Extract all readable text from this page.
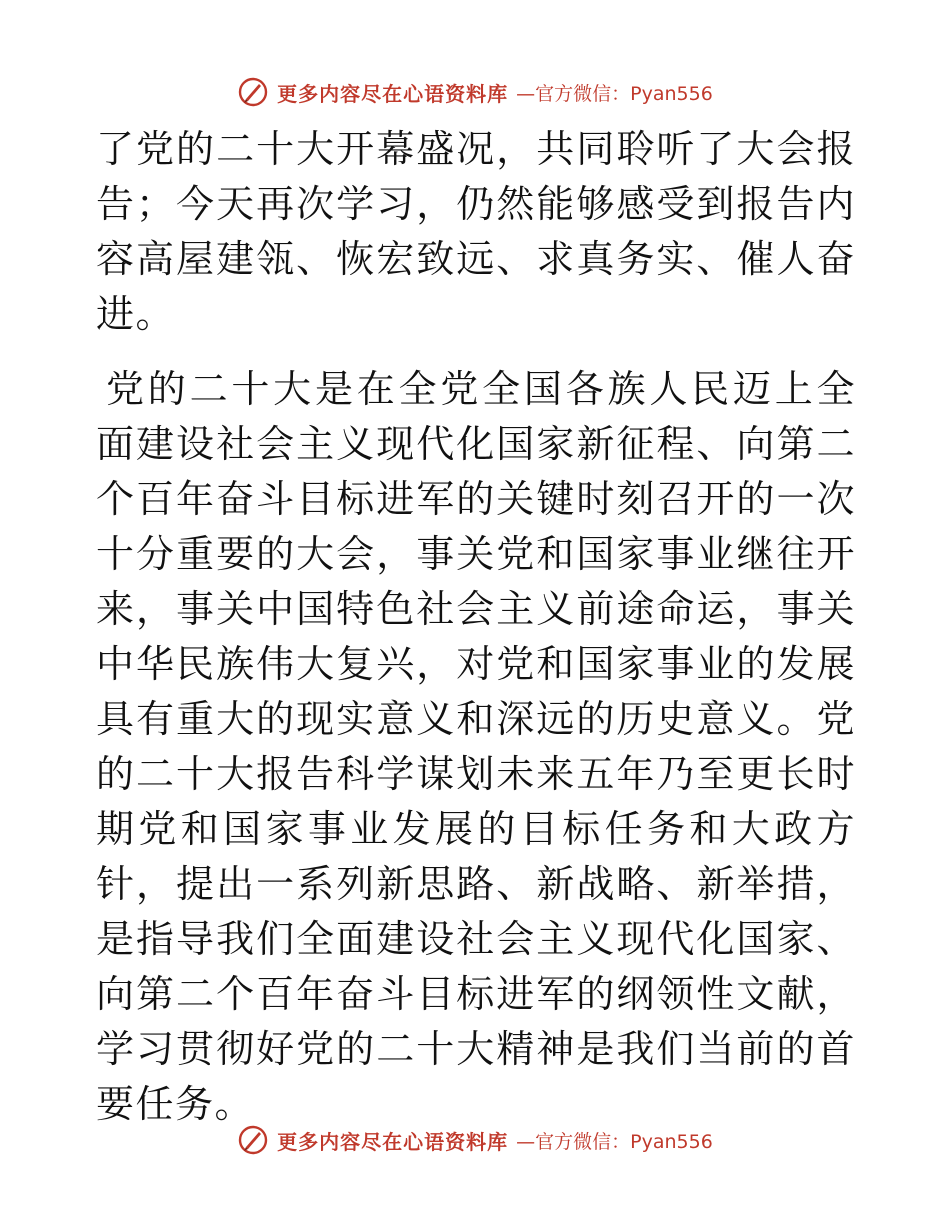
更多内容尽在心语资料库 —官方微信：Pyan556

了党的二十大开幕盛况，共同聆听了大会报告；今天再次学习，仍然能够感受到报告内容高屋建瓴、恢宏致远、求真务实、催人奋进。

党的二十大是在全党全国各族人民迈上全面建设社会主义现代化国家新征程、向第二个百年奋斗目标进军的关键时刻召开的一次十分重要的大会，事关党和国家事业继往开来，事关中国特色社会主义前途命运，事关中华民族伟大复兴，对党和国家事业的发展具有重大的现实意义和深远的历史意义。党的二十大报告科学谋划未来五年乃至更长时期党和国家事业发展的目标任务和大政方针，提出一系列新思路、新战略、新举措，是指导我们全面建设社会主义现代化国家、向第二个百年奋斗目标进军的纲领性文献，学习贯彻好党的二十大精神是我们当前的首要任务。

更多内容尽在心语资料库 —官方微信：Pyan556
